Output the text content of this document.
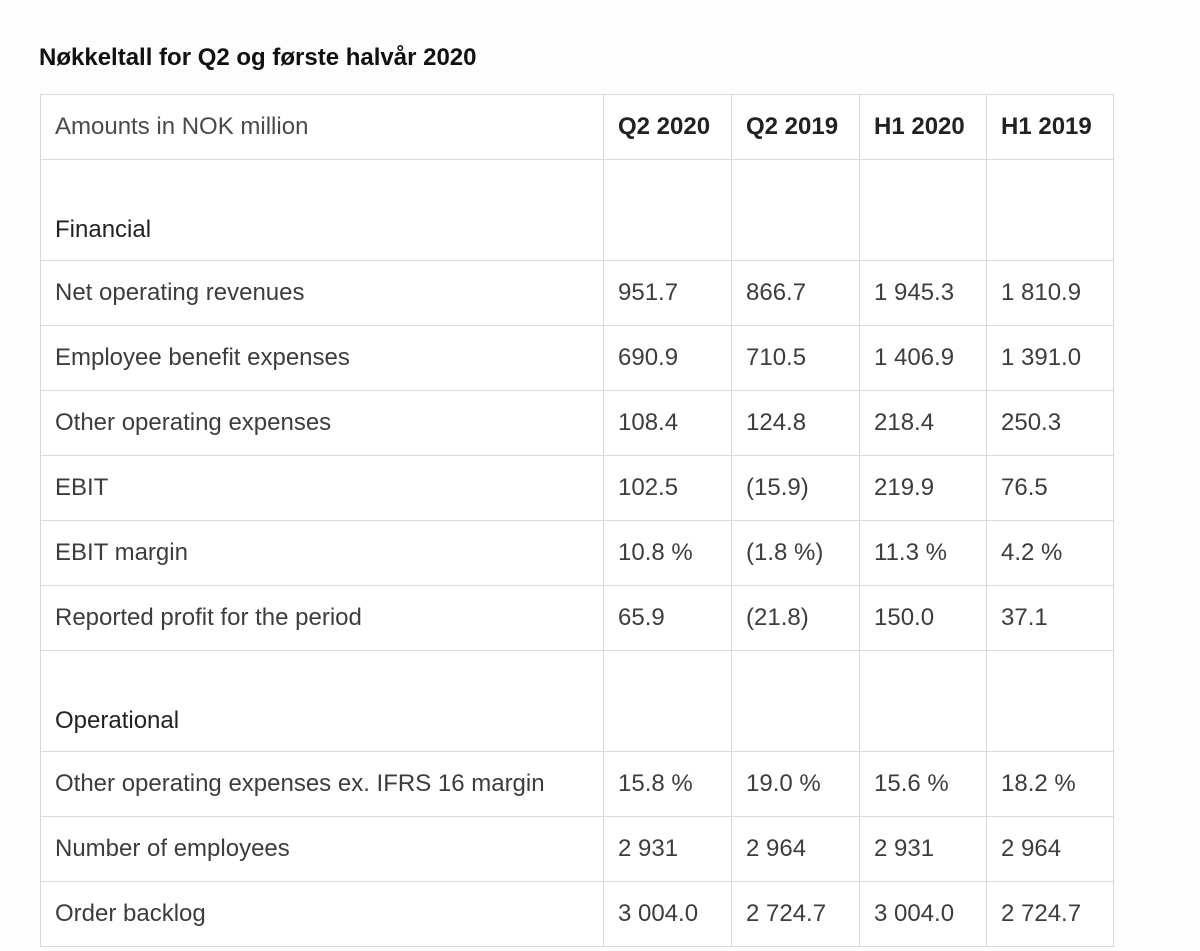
Nøkkeltall for Q2 og første halvår 2020
Amounts in NOK million	Q2 2020	Q2 2019	H1 2020	H1 2019
Financial				
Net operating revenues	951.7	866.7	1 945.3	1 810.9
Employee benefit expenses	690.9	710.5	1 406.9	1 391.0
Other operating expenses	108.4	124.8	218.4	250.3
EBIT	102.5	(15.9)	219.9	76.5
EBIT margin	10.8 %	(1.8 %)	11.3 %	4.2 %
Reported profit for the period	65.9	(21.8)	150.0	37.1
Operational				
Other operating expenses ex. IFRS 16 margin	15.8 %	19.0 %	15.6 %	18.2 %
Number of employees	2 931	2 964	2 931	2 964
Order backlog	3 004.0	2 724.7	3 004.0	2 724.7
